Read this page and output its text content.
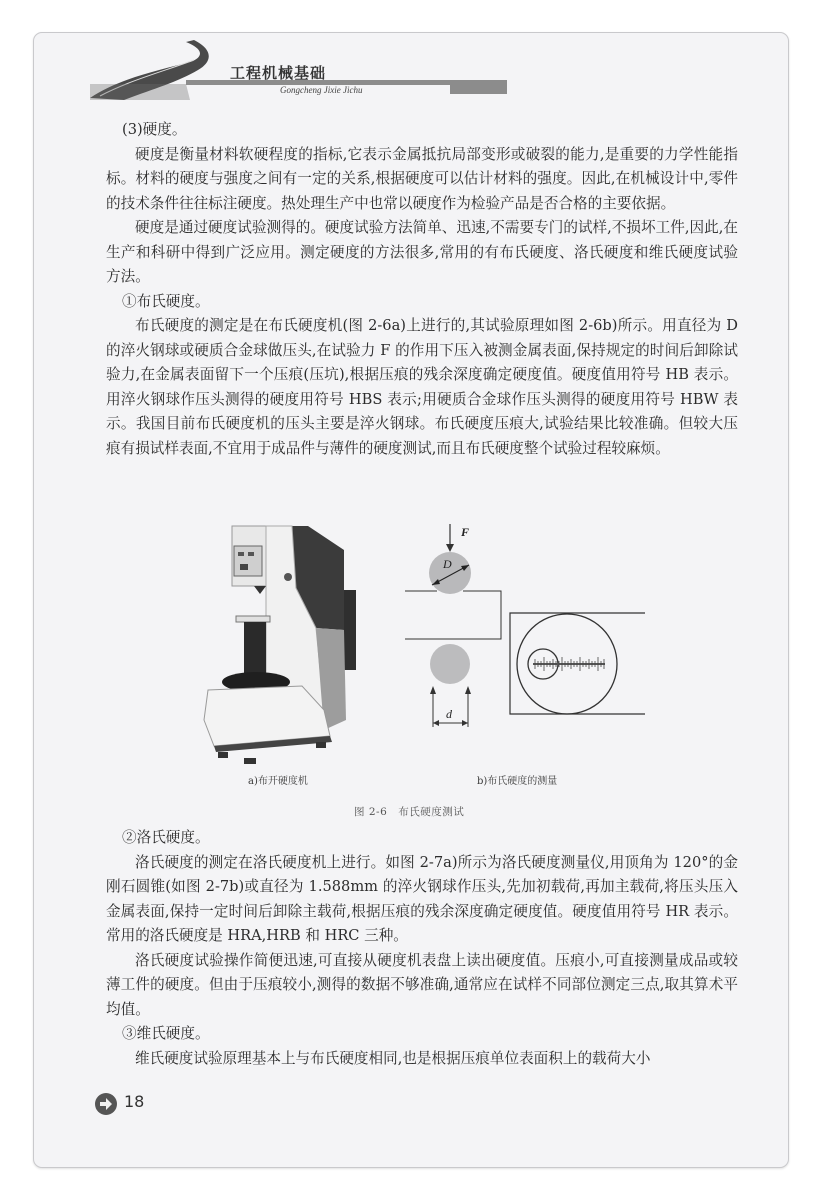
工程机械基础
Gongcheng Jixie Jichu

(3)硬度。

硬度是衡量材料软硬程度的指标,它表示金属抵抗局部变形或破裂的能力,是重要的力学性能指标。材料的硬度与强度之间有一定的关系,根据硬度可以估计材料的强度。因此,在机械设计中,零件的技术条件往往标注硬度。热处理生产中也常以硬度作为检验产品是否合格的主要依据。

硬度是通过硬度试验测得的。硬度试验方法简单、迅速,不需要专门的试样,不损坏工件,因此,在生产和科研中得到广泛应用。测定硬度的方法很多,常用的有布氏硬度、洛氏硬度和维氏硬度试验方法。

①布氏硬度。

布氏硬度的测定是在布氏硬度机(图 2-6a)上进行的,其试验原理如图 2-6b)所示。用直径为 D 的淬火钢球或硬质合金球做压头,在试验力 F 的作用下压入被测金属表面,保持规定的时间后卸除试验力,在金属表面留下一个压痕(压坑),根据压痕的残余深度确定硬度值。硬度值用符号 HB 表示。用淬火钢球作压头测得的硬度用符号 HBS 表示;用硬质合金球作压头测得的硬度用符号 HBW 表示。我国目前布氏硬度机的压头主要是淬火钢球。布氏硬度压痕大,试验结果比较准确。但较大压痕有损试样表面,不宜用于成品件与薄件的硬度测试,而且布氏硬度整个试验过程较麻烦。

a)布开硬度机
F
D
d
b)布氏硬度的测量
图 2-6　布氏硬度测试

②洛氏硬度。

洛氏硬度的测定在洛氏硬度机上进行。如图 2-7a)所示为洛氏硬度测量仪,用顶角为 120°的金刚石圆锥(如图 2-7b)或直径为 1.588mm 的淬火钢球作压头,先加初载荷,再加主载荷,将压头压入金属表面,保持一定时间后卸除主载荷,根据压痕的残余深度确定硬度值。硬度值用符号 HR 表示。常用的洛氏硬度是 HRA,HRB 和 HRC 三种。

洛氏硬度试验操作简便迅速,可直接从硬度机表盘上读出硬度值。压痕小,可直接测量成品或较薄工件的硬度。但由于压痕较小,测得的数据不够准确,通常应在试样不同部位测定三点,取其算术平均值。

③维氏硬度。

维氏硬度试验原理基本上与布氏硬度相同,也是根据压痕单位表面积上的载荷大小

18
